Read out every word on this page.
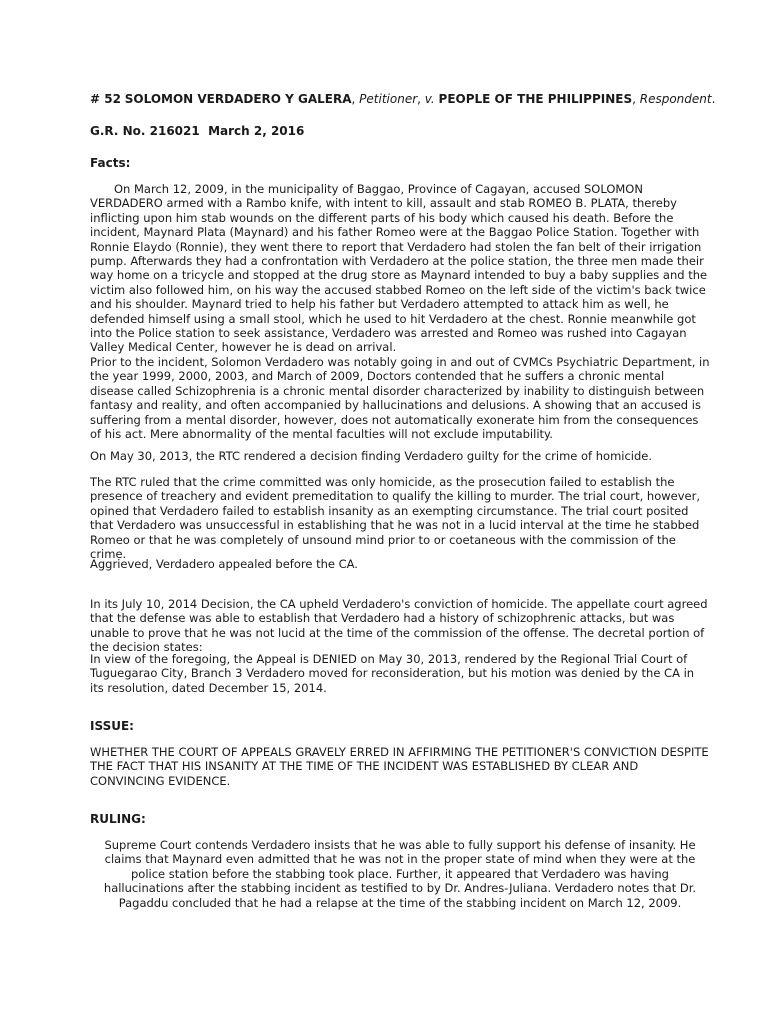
# 52 SOLOMON VERDADERO Y GALERA, Petitioner, v. PEOPLE OF THE PHILIPPINES, Respondent.

G.R. No. 216021  March 2, 2016

Facts:

On March 12, 2009, in the municipality of Baggao, Province of Cagayan, accused SOLOMON VERDADERO armed with a Rambo knife, with intent to kill, assault and stab ROMEO B. PLATA, thereby inflicting upon him stab wounds on the different parts of his body which caused his death. Before the incident, Maynard Plata (Maynard) and his father Romeo were at the Baggao Police Station. Together with Ronnie Elaydo (Ronnie), they went there to report that Verdadero had stolen the fan belt of their irrigation pump. Afterwards they had a confrontation with Verdadero at the police station, the three men made their way home on a tricycle and stopped at the drug store as Maynard intended to buy a baby supplies and the victim also followed him, on his way the accused stabbed Romeo on the left side of the victim's back twice and his shoulder. Maynard tried to help his father but Verdadero attempted to attack him as well, he defended himself using a small stool, which he used to hit Verdadero at the chest. Ronnie meanwhile got into the Police station to seek assistance, Verdadero was arrested and Romeo was rushed into Cagayan Valley Medical Center, however he is dead on arrival.

Prior to the incident, Solomon Verdadero was notably going in and out of CVMCs Psychiatric Department, in the year 1999, 2000, 2003, and March of 2009, Doctors contended that he suffers a chronic mental disease called Schizophrenia is a chronic mental disorder characterized by inability to distinguish between fantasy and reality, and often accompanied by hallucinations and delusions. A showing that an accused is suffering from a mental disorder, however, does not automatically exonerate him from the consequences of his act. Mere abnormality of the mental faculties will not exclude imputability.

On May 30, 2013, the RTC rendered a decision finding Verdadero guilty for the crime of homicide.

The RTC ruled that the crime committed was only homicide, as the prosecution failed to establish the presence of treachery and evident premeditation to qualify the killing to murder. The trial court, however, opined that Verdadero failed to establish insanity as an exempting circumstance. The trial court posited that Verdadero was unsuccessful in establishing that he was not in a lucid interval at the time he stabbed Romeo or that he was completely of unsound mind prior to or coetaneous with the commission of the crime.

Aggrieved, Verdadero appealed before the CA.

In its July 10, 2014 Decision, the CA upheld Verdadero's conviction of homicide. The appellate court agreed that the defense was able to establish that Verdadero had a history of schizophrenic attacks, but was unable to prove that he was not lucid at the time of the commission of the offense. The decretal portion of the decision states:

In view of the foregoing, the Appeal is DENIED on May 30, 2013, rendered by the Regional Trial Court of Tuguegarao City, Branch 3 Verdadero moved for reconsideration, but his motion was denied by the CA in its resolution, dated December 15, 2014.

ISSUE:

WHETHER THE COURT OF APPEALS GRAVELY ERRED IN AFFIRMING THE PETITIONER'S CONVICTION DESPITE THE FACT THAT HIS INSANITY AT THE TIME OF THE INCIDENT WAS ESTABLISHED BY CLEAR AND CONVINCING EVIDENCE.

RULING:

Supreme Court contends Verdadero insists that he was able to fully support his defense of insanity. He claims that Maynard even admitted that he was not in the proper state of mind when they were at the police station before the stabbing took place. Further, it appeared that Verdadero was having hallucinations after the stabbing incident as testified to by Dr. Andres-Juliana. Verdadero notes that Dr. Pagaddu concluded that he had a relapse at the time of the stabbing incident on March 12, 2009.
